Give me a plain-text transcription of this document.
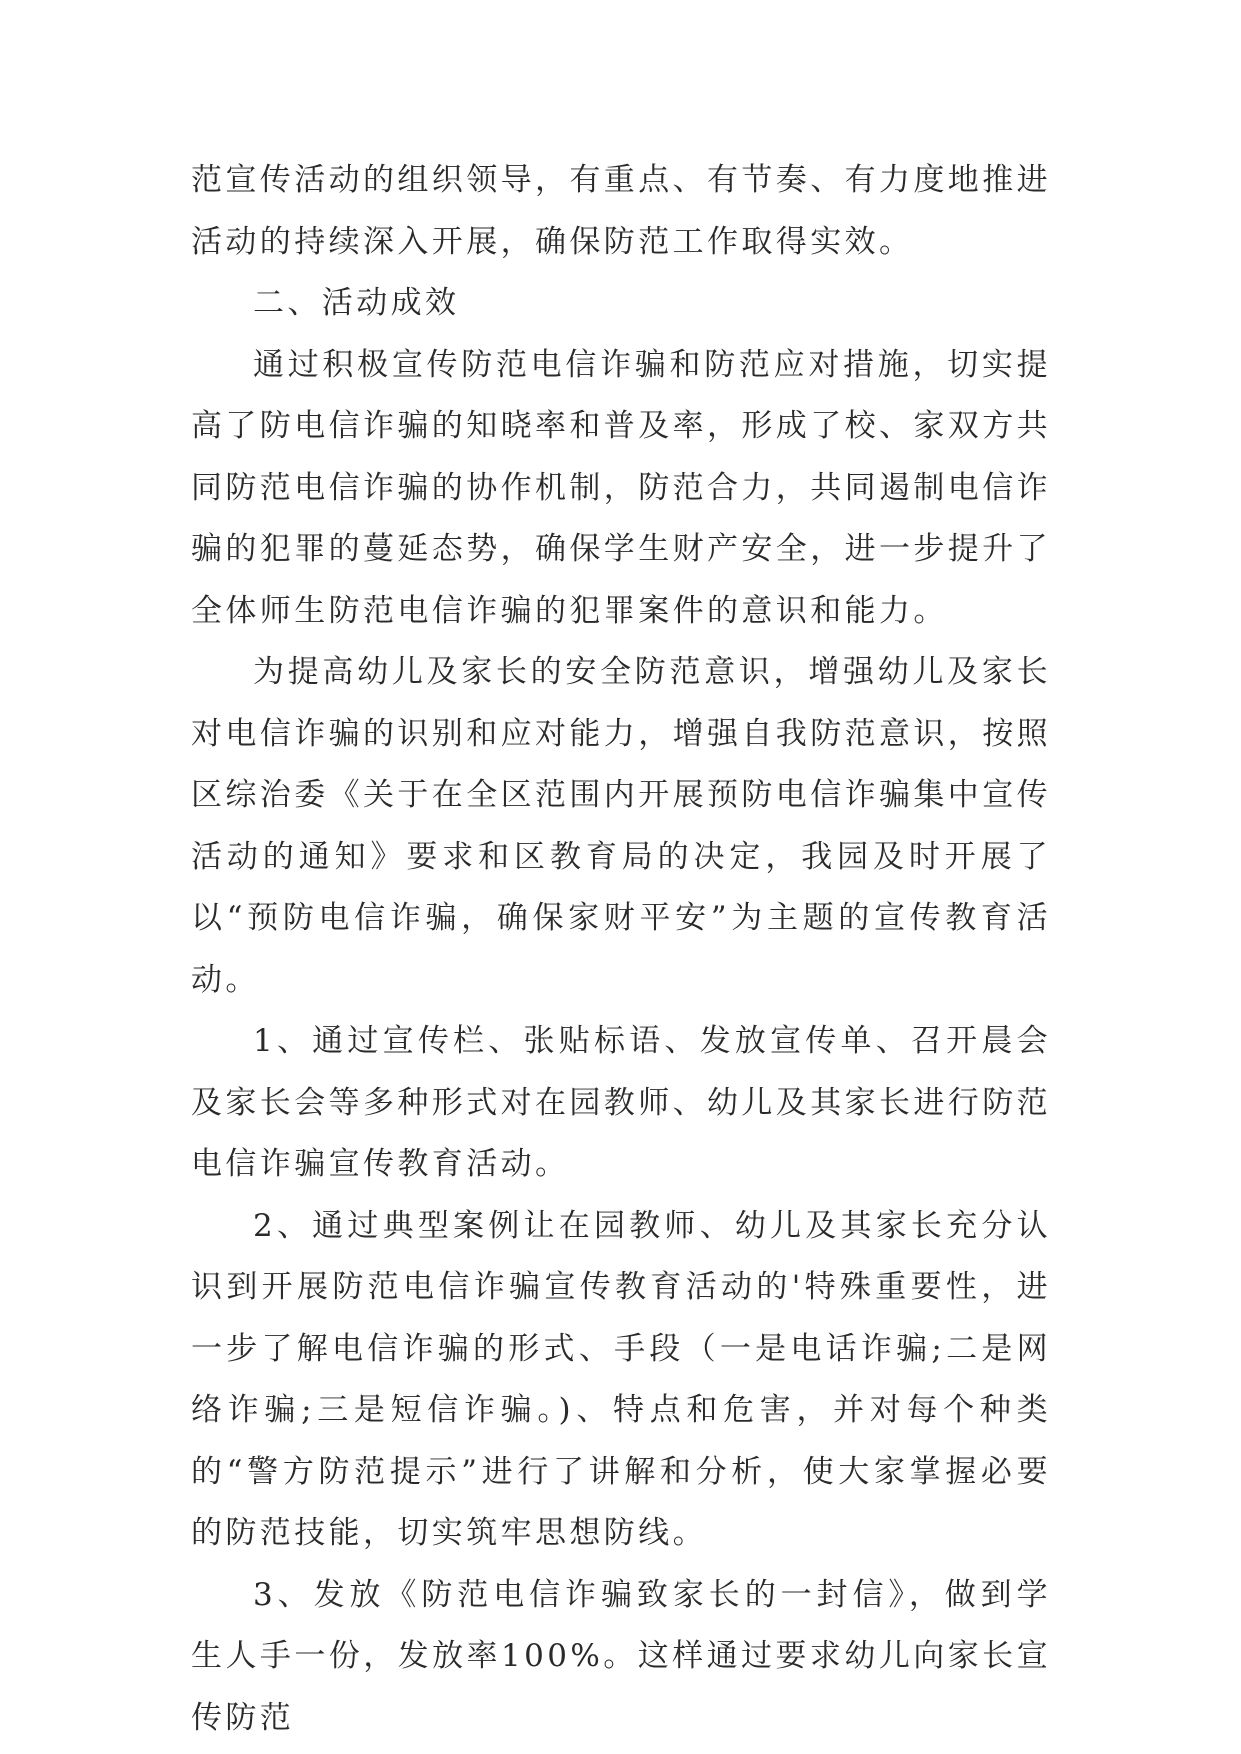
范宣传活动的组织领导，有重点、有节奏、有力度地推进活动的持续深入开展，确保防范工作取得实效。

二、活动成效

通过积极宣传防范电信诈骗和防范应对措施，切实提高了防电信诈骗的知晓率和普及率，形成了校、家双方共同防范电信诈骗的协作机制，防范合力，共同遏制电信诈骗的犯罪的蔓延态势，确保学生财产安全，进一步提升了全体师生防范电信诈骗的犯罪案件的意识和能力。

为提高幼儿及家长的安全防范意识，增强幼儿及家长对电信诈骗的识别和应对能力，增强自我防范意识，按照区综治委《关于在全区范围内开展预防电信诈骗集中宣传活动的通知》要求和区教育局的决定，我园及时开展了以“预防电信诈骗，确保家财平安”为主题的宣传教育活动。

1、通过宣传栏、张贴标语、发放宣传单、召开晨会及家长会等多种形式对在园教师、幼儿及其家长进行防范电信诈骗宣传教育活动。

2、通过典型案例让在园教师、幼儿及其家长充分认识到开展防范电信诈骗宣传教育活动的'特殊重要性，进一步了解电信诈骗的形式、手段（一是电话诈骗;二是网络诈骗;三是短信诈骗。)、特点和危害，并对每个种类的“警方防范提示”进行了讲解和分析，使大家掌握必要的防范技能，切实筑牢思想防线。

3、发放《防范电信诈骗致家长的一封信》，做到学生人手一份，发放率100%。这样通过要求幼儿向家长宣传防范
